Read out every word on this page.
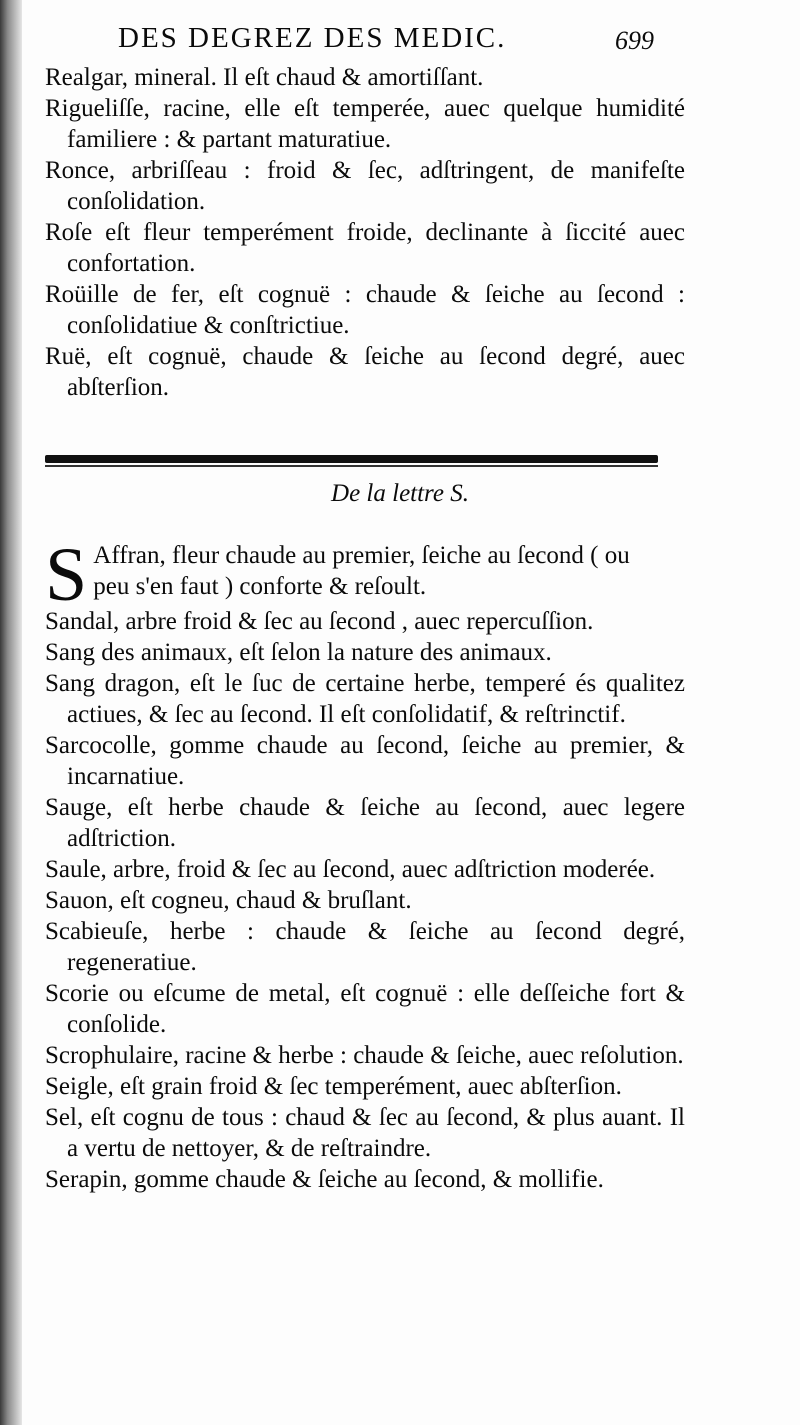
DES DEGREZ DES MEDIC.	699

Realgar, mineral. Il eſt chaud & amortiſſant.

Rigueliſſe, racine, elle eſt temperée, auec quelque humidité familiere : & partant maturatiue.

Ronce, arbriſſeau : froid & ſec, adſtringent, de manifeſte conſolidation.

Roſe eſt fleur temperément froide, declinante à ſiccité auec confortation.

Roüille de fer, eſt cognuë : chaude & ſeiche au ſecond : conſolidatiue & conſtrictiue.

Ruë, eſt cognuë, chaude & ſeiche au ſecond degré, auec abſterſion.

De la lettre S.
S Affran, fleur chaude au premier, ſeiche au ſecond ( ou peu s'en faut ) conforte & reſoult.

Sandal, arbre froid & ſec au ſecond , auec repercuſſion.

Sang des animaux, eſt ſelon la nature des animaux.

Sang dragon, eſt le ſuc de certaine herbe, temperé és qualitez actiues, & ſec au ſecond. Il eſt conſolidatif, & reſtrinctif.

Sarcocolle, gomme chaude au ſecond, ſeiche au premier, & incarnatiue.

Sauge, eſt herbe chaude & ſeiche au ſecond, auec legere adſtriction.

Saule, arbre, froid & ſec au ſecond, auec adſtriction moderée.

Sauon, eſt cogneu, chaud & bruſlant.

Scabieuſe, herbe : chaude & ſeiche au ſecond degré, regeneratiue.

Scorie ou eſcume de metal, eſt cognuë : elle deſſeiche fort & conſolide.

Scrophulaire, racine & herbe : chaude & ſeiche, auec reſolution.

Seigle, eſt grain froid & ſec temperément, auec abſterſion.

Sel, eſt cognu de tous : chaud & ſec au ſecond, & plus auant. Il a vertu de nettoyer, & de reſtraindre.

Serapin, gomme chaude & ſeiche au ſecond, & mollifie.
